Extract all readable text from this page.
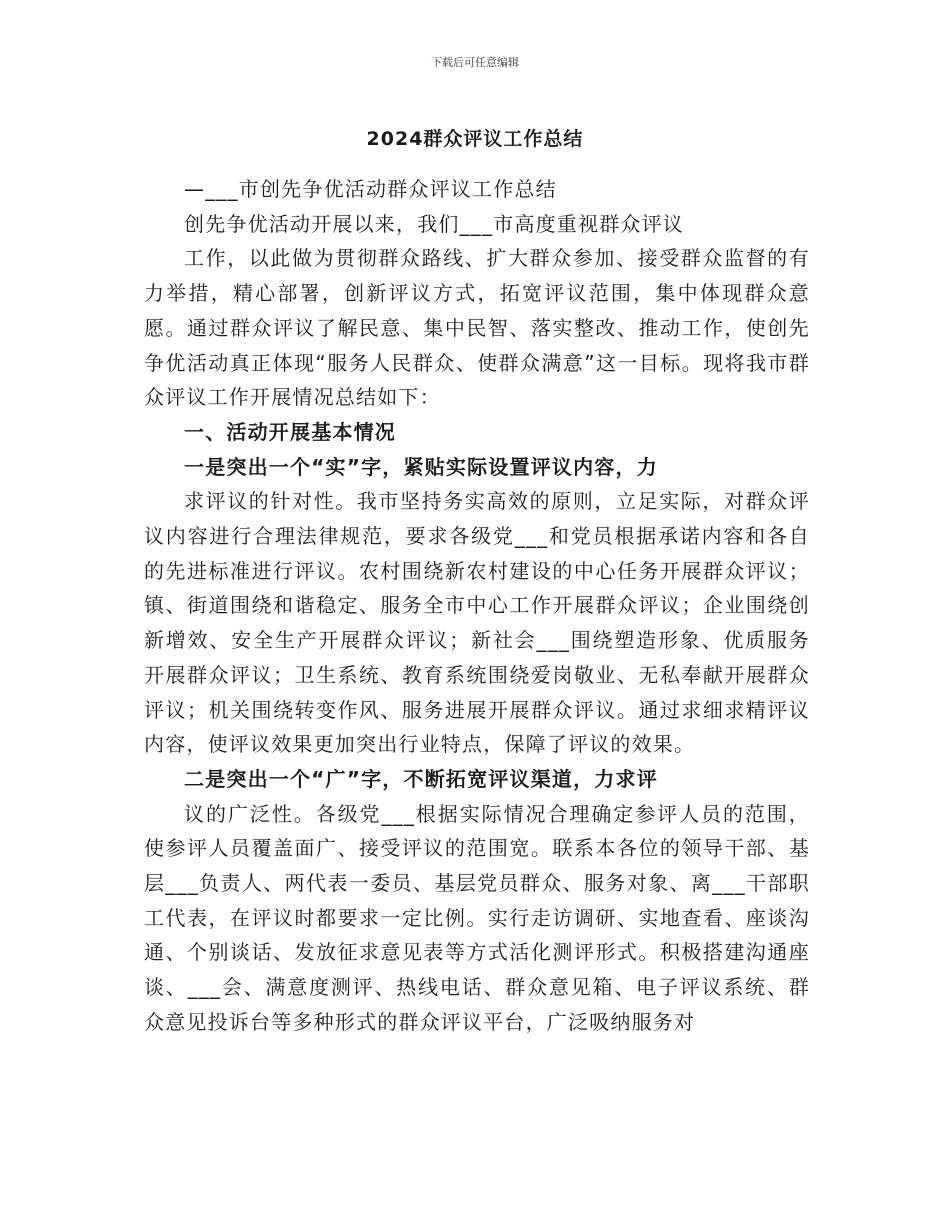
下载后可任意编辑
2024群众评议工作总结

—___市创先争优活动群众评议工作总结

创先争优活动开展以来，我们___市高度重视群众评议

工作，以此做为贯彻群众路线、扩大群众参加、接受群众监督的有力举措，精心部署，创新评议方式，拓宽评议范围，集中体现群众意愿。通过群众评议了解民意、集中民智、落实整改、推动工作，使创先争优活动真正体现“服务人民群众、使群众满意”这一目标。现将我市群众评议工作开展情况总结如下：

一、活动开展基本情况

一是突出一个“实”字，紧贴实际设置评议内容，力

求评议的针对性。我市坚持务实高效的原则，立足实际，对群众评议内容进行合理法律规范，要求各级党___和党员根据承诺内容和各自的先进标准进行评议。农村围绕新农村建设的中心任务开展群众评议；镇、街道围绕和谐稳定、服务全市中心工作开展群众评议；企业围绕创新增效、安全生产开展群众评议；新社会___围绕塑造形象、优质服务开展群众评议；卫生系统、教育系统围绕爱岗敬业、无私奉献开展群众评议；机关围绕转变作风、服务进展开展群众评议。通过求细求精评议内容，使评议效果更加突出行业特点，保障了评议的效果。

二是突出一个“广”字，不断拓宽评议渠道，力求评

议的广泛性。各级党___根据实际情况合理确定参评人员的范围，使参评人员覆盖面广、接受评议的范围宽。联系本各位的领导干部、基层___负责人、两代表一委员、基层党员群众、服务对象、离___干部职工代表，在评议时都要求一定比例。实行走访调研、实地查看、座谈沟通、个别谈话、发放征求意见表等方式活化测评形式。积极搭建沟通座谈、___会、满意度测评、热线电话、群众意见箱、电子评议系统、群众意见投诉台等多种形式的群众评议平台，广泛吸纳服务对
